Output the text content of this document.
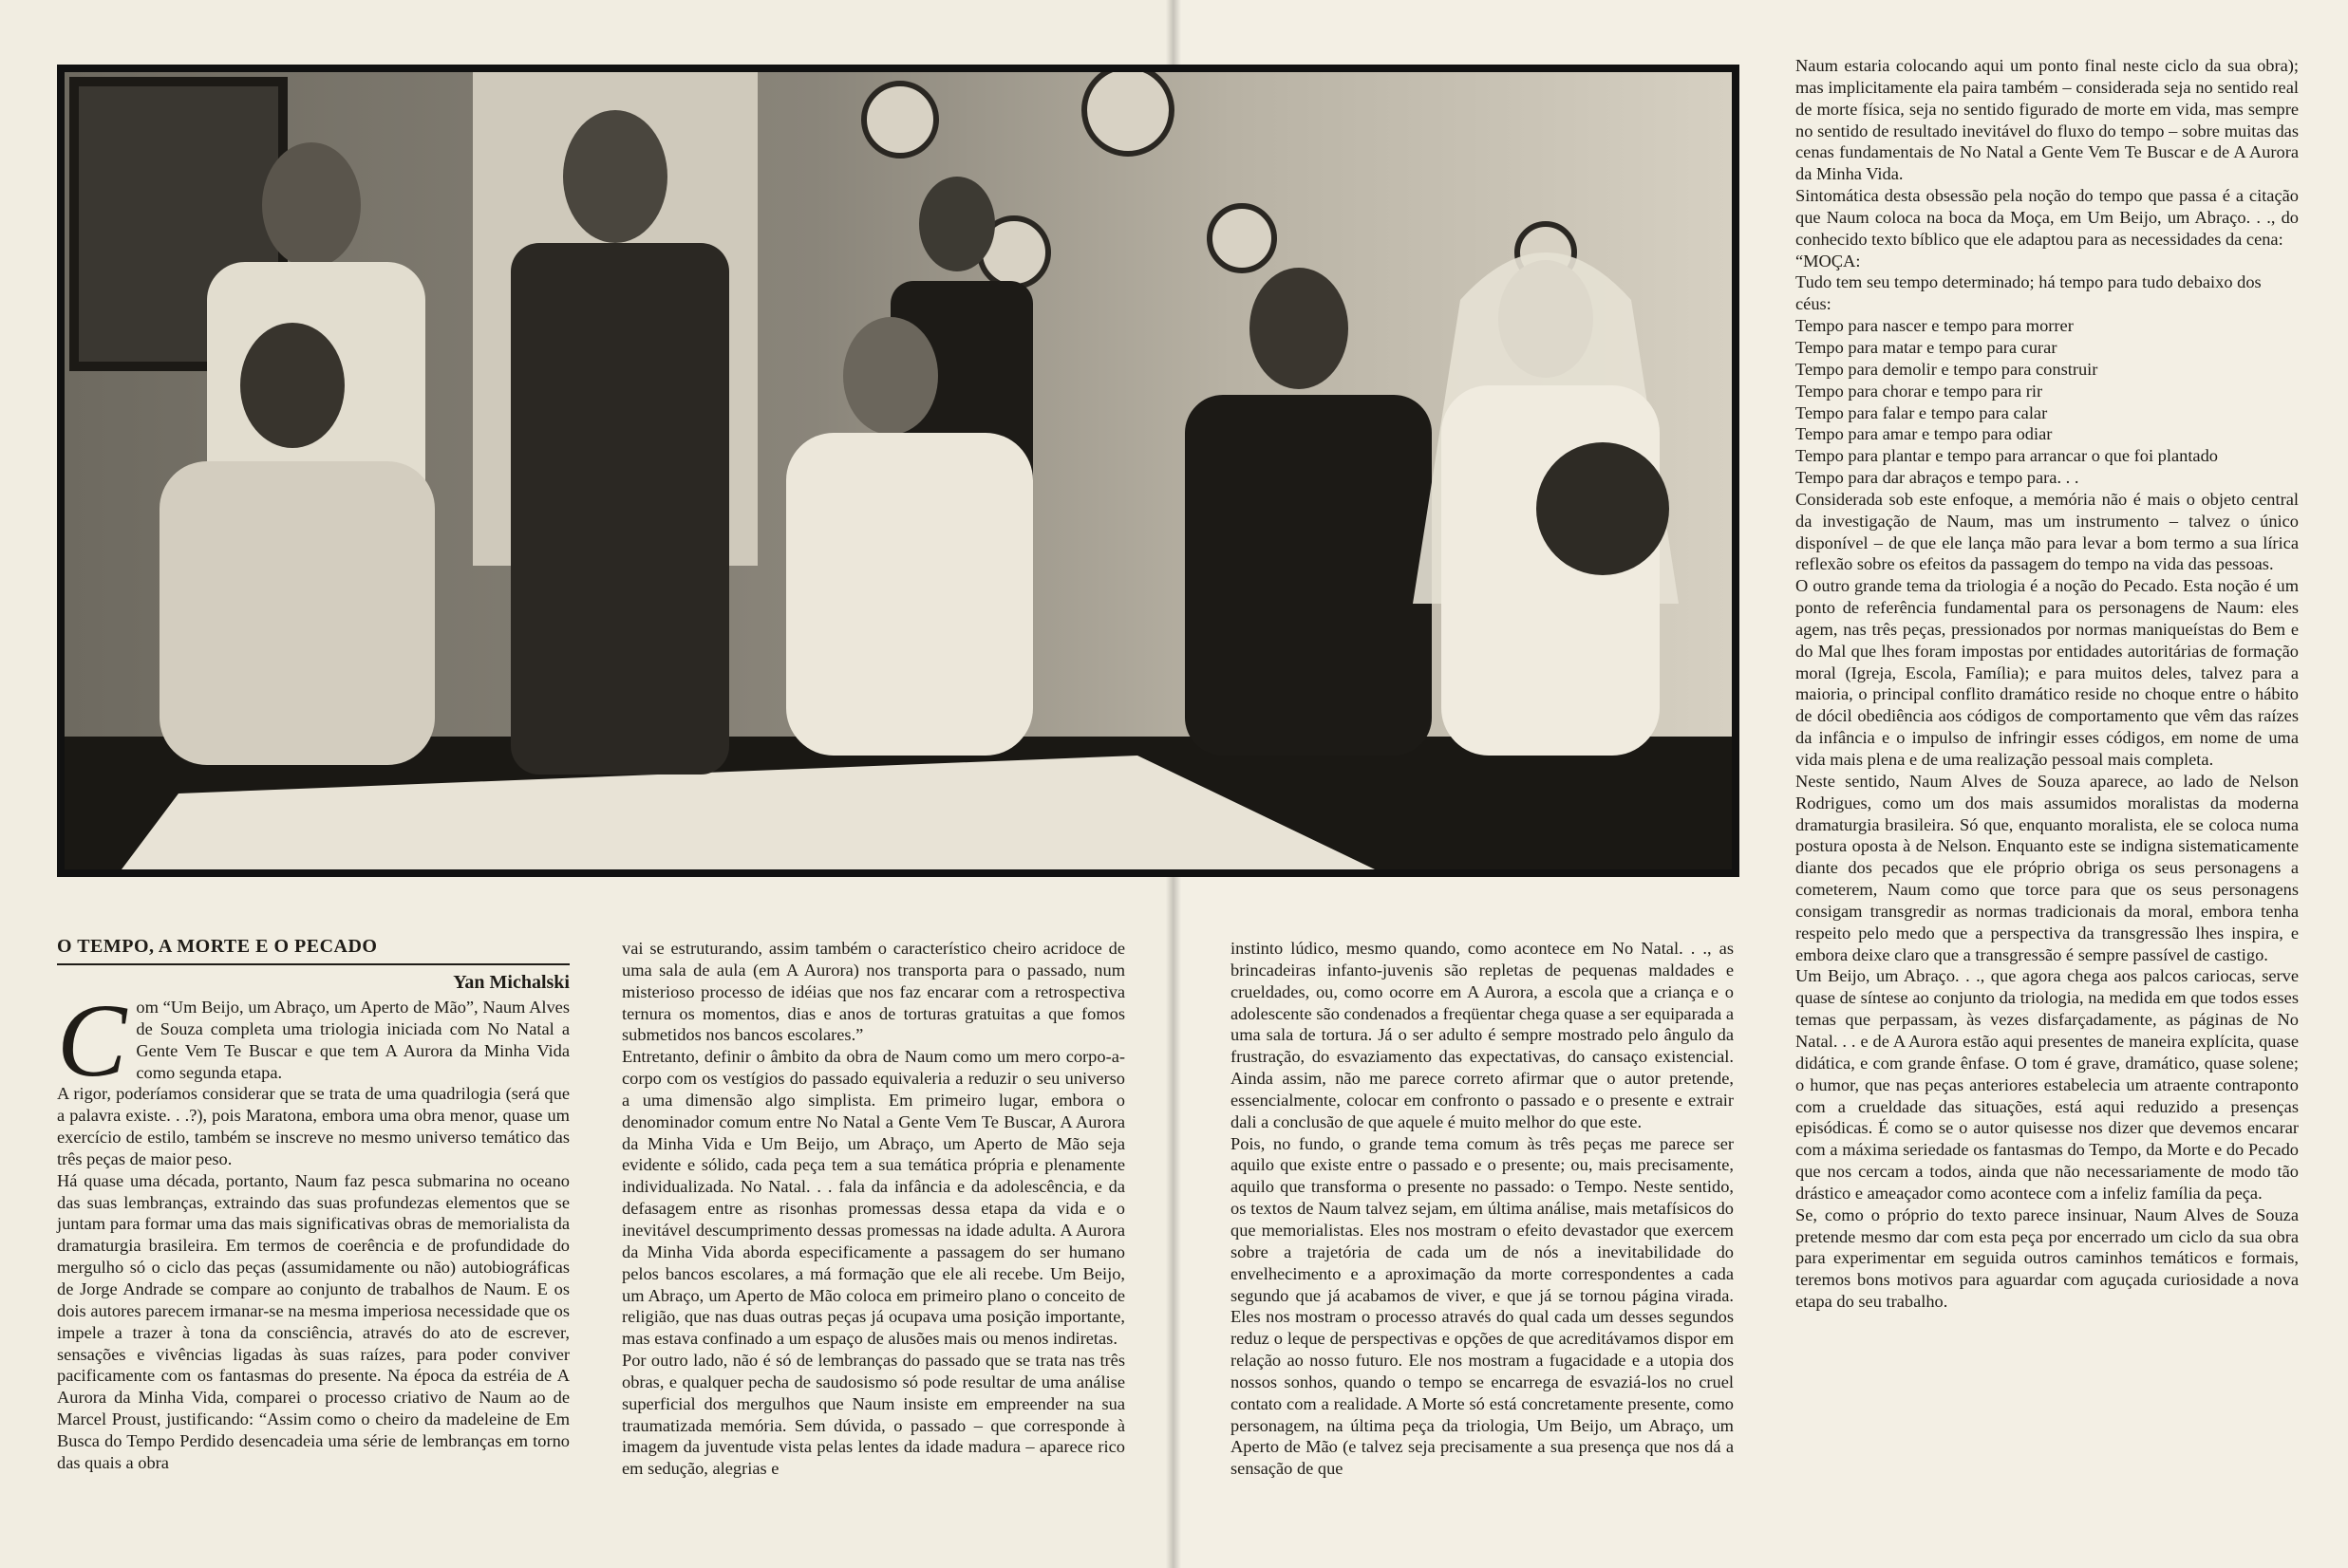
O TEMPO, A MORTE E O PECADO
Yan Michalski

Com “Um Beijo, um Abraço, um Aperto de Mão”, Naum Alves de Souza completa uma triologia iniciada com No Natal a Gente Vem Te Buscar e que tem A Aurora da Minha Vida como segunda etapa.

A rigor, poderíamos considerar que se trata de uma quadrilogia (será que a palavra existe. . .?), pois Maratona, embora uma obra menor, quase um exercício de estilo, também se inscreve no mesmo universo temático das três peças de maior peso.

Há quase uma década, portanto, Naum faz pesca submarina no oceano das suas lembranças, extraindo das suas profundezas elementos que se juntam para formar uma das mais significativas obras de memorialista da dramaturgia brasileira. Em termos de coerência e de profundidade do mergulho só o ciclo das peças (assumidamente ou não) autobiográficas de Jorge Andrade se compare ao conjunto de trabalhos de Naum. E os dois autores parecem irmanar-se na mesma imperiosa necessidade que os impele a trazer à tona da consciência, através do ato de escrever, sensações e vivências ligadas às suas raízes, para poder conviver pacificamente com os fantasmas do presente. Na época da estréia de A Aurora da Minha Vida, comparei o processo criativo de Naum ao de Marcel Proust, justificando: “Assim como o cheiro da madeleine de Em Busca do Tempo Perdido desencadeia uma série de lembranças em torno das quais a obra

vai se estruturando, assim também o característico cheiro acridoce de uma sala de aula (em A Aurora) nos transporta para o passado, num misterioso processo de idéias que nos faz encarar com a retrospectiva ternura os momentos, dias e anos de torturas gratuitas a que fomos submetidos nos bancos escolares.”

Entretanto, definir o âmbito da obra de Naum como um mero corpo-a-corpo com os vestígios do passado equivaleria a reduzir o seu universo a uma dimensão algo simplista. Em primeiro lugar, embora o denominador comum entre No Natal a Gente Vem Te Buscar, A Aurora da Minha Vida e Um Beijo, um Abraço, um Aperto de Mão seja evidente e sólido, cada peça tem a sua temática própria e plenamente individualizada. No Natal. . . fala da infância e da adolescência, e da defasagem entre as risonhas promessas dessa etapa da vida e o inevitável descumprimento dessas promessas na idade adulta. A Aurora da Minha Vida aborda especificamente a passagem do ser humano pelos bancos escolares, a má formação que ele ali recebe. Um Beijo, um Abraço, um Aperto de Mão coloca em primeiro plano o conceito de religião, que nas duas outras peças já ocupava uma posição importante, mas estava confinado a um espaço de alusões mais ou menos indiretas.

Por outro lado, não é só de lembranças do passado que se trata nas três obras, e qualquer pecha de saudosismo só pode resultar de uma análise superficial dos mergulhos que Naum insiste em empreender na sua traumatizada memória. Sem dúvida, o passado – que corresponde à imagem da juventude vista pelas lentes da idade madura – aparece rico em sedução, alegrias e

instinto lúdico, mesmo quando, como acontece em No Natal. . ., as brincadeiras infanto-juvenis são repletas de pequenas maldades e crueldades, ou, como ocorre em A Aurora, a escola que a criança e o adolescente são condenados a freqüentar chega quase a ser equiparada a uma sala de tortura. Já o ser adulto é sempre mostrado pelo ângulo da frustração, do esvaziamento das expectativas, do cansaço existencial. Ainda assim, não me parece correto afirmar que o autor pretende, essencialmente, colocar em confronto o passado e o presente e extrair dali a conclusão de que aquele é muito melhor do que este.

Pois, no fundo, o grande tema comum às três peças me parece ser aquilo que existe entre o passado e o presente; ou, mais precisamente, aquilo que transforma o presente no passado: o Tempo. Neste sentido, os textos de Naum talvez sejam, em última análise, mais metafísicos do que memorialistas. Eles nos mostram o efeito devastador que exercem sobre a trajetória de cada um de nós a inevitabilidade do envelhecimento e a aproximação da morte correspondentes a cada segundo que já acabamos de viver, e que já se tornou página virada. Eles nos mostram o processo através do qual cada um desses segundos reduz o leque de perspectivas e opções de que acreditávamos dispor em relação ao nosso futuro. Ele nos mostram a fugacidade e a utopia dos nossos sonhos, quando o tempo se encarrega de esvaziá-los no cruel contato com a realidade. A Morte só está concretamente presente, como personagem, na última peça da triologia, Um Beijo, um Abraço, um Aperto de Mão (e talvez seja precisamente a sua presença que nos dá a sensação de que

Naum estaria colocando aqui um ponto final neste ciclo da sua obra); mas implicitamente ela paira também – considerada seja no sentido real de morte física, seja no sentido figurado de morte em vida, mas sempre no sentido de resultado inevitável do fluxo do tempo – sobre muitas das cenas fundamentais de No Natal a Gente Vem Te Buscar e de A Aurora da Minha Vida.

Sintomática desta obsessão pela noção do tempo que passa é a citação que Naum coloca na boca da Moça, em Um Beijo, um Abraço. . ., do conhecido texto bíblico que ele adaptou para as necessidades da cena:

“MOÇA:

Tudo tem seu tempo determinado; há tempo para tudo debaixo dos céus:

Tempo para nascer e tempo para morrer

Tempo para matar e tempo para curar

Tempo para demolir e tempo para construir

Tempo para chorar e tempo para rir

Tempo para falar e tempo para calar

Tempo para amar e tempo para odiar

Tempo para plantar e tempo para arrancar o que foi plantado

Tempo para dar abraços e tempo para. . .

Considerada sob este enfoque, a memória não é mais o objeto central da investigação de Naum, mas um instrumento – talvez o único disponível – de que ele lança mão para levar a bom termo a sua lírica reflexão sobre os efeitos da passagem do tempo na vida das pessoas.

O outro grande tema da triologia é a noção do Pecado. Esta noção é um ponto de referência fundamental para os personagens de Naum: eles agem, nas três peças, pressionados por normas maniqueístas do Bem e do Mal que lhes foram impostas por entidades autoritárias de formação moral (Igreja, Escola, Família); e para muitos deles, talvez para a maioria, o principal conflito dramático reside no choque entre o hábito de dócil obediência aos códigos de comportamento que vêm das raízes da infância e o impulso de infringir esses códigos, em nome de uma vida mais plena e de uma realização pessoal mais completa.

Neste sentido, Naum Alves de Souza aparece, ao lado de Nelson Rodrigues, como um dos mais assumidos moralistas da moderna dramaturgia brasileira. Só que, enquanto moralista, ele se coloca numa postura oposta à de Nelson. Enquanto este se indigna sistematicamente diante dos pecados que ele próprio obriga os seus personagens a cometerem, Naum como que torce para que os seus personagens consigam transgredir as normas tradicionais da moral, embora tenha respeito pelo medo que a perspectiva da transgressão lhes inspira, e embora deixe claro que a transgressão é sempre passível de castigo.

Um Beijo, um Abraço. . ., que agora chega aos palcos cariocas, serve quase de síntese ao conjunto da triologia, na medida em que todos esses temas que perpassam, às vezes disfarçadamente, as páginas de No Natal. . . e de A Aurora estão aqui presentes de maneira explícita, quase didática, e com grande ênfase. O tom é grave, dramático, quase solene; o humor, que nas peças anteriores estabelecia um atraente contraponto com a crueldade das situações, está aqui reduzido a presenças episódicas. É como se o autor quisesse nos dizer que devemos encarar com a máxima seriedade os fantasmas do Tempo, da Morte e do Pecado que nos cercam a todos, ainda que não necessariamente de modo tão drástico e ameaçador como acontece com a infeliz família da peça.

Se, como o próprio do texto parece insinuar, Naum Alves de Souza pretende mesmo dar com esta peça por encerrado um ciclo da sua obra para experimentar em seguida outros caminhos temáticos e formais, teremos bons motivos para aguardar com aguçada curiosidade a nova etapa do seu trabalho.
